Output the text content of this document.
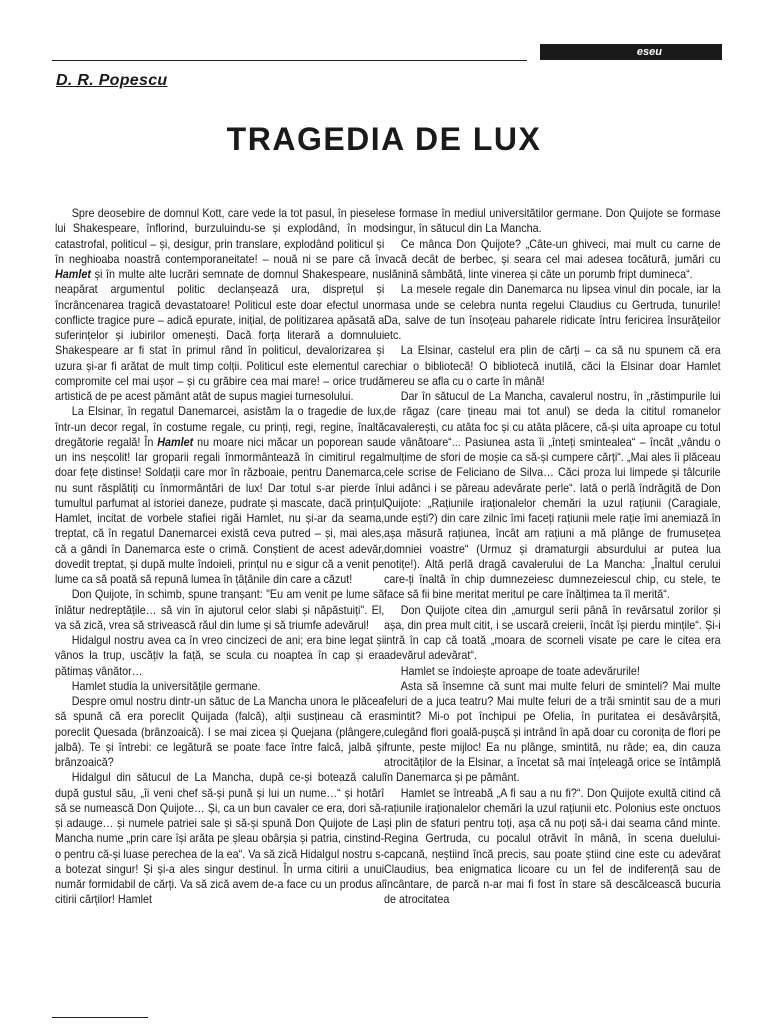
eseu
D. R. Popescu
TRAGEDIA DE LUX

Spre deosebire de domnul Kott, care vede la tot pasul, în piesele lui Shakespeare, înflorind, burzuluindu-se și explodând, în mod catastrofal, politicul – și, desigur, prin translare, explodând politicul și în neghioaba noastră contemporaneitate! – nouă ni se pare că în Hamlet și în multe alte lucrări semnate de domnul Shakespeare, nu neapărat argumentul politic declanșează ura, disprețul și încrâncenarea tragică devastatoare! Politicul este doar efectul unor conflicte tragice pure – adică epurate, inițial, de politizarea apăsată a suferințelor și iubirilor omenești. Dacă forța literară a domnului Shakespeare ar fi stat în primul rând în politicul, devalorizarea și uzura și-ar fi arătat de mult timp colții. Politicul este elementul care compromite cel mai ușor – și cu grăbire cea mai mare! – orice trudă artistică de pe acest pământ atât de supus magiei turnesolului.

La Elsinar, în regatul Danemarcei, asistăm la o tragedie de lux, într-un decor regal, în costume regale, cu prinți, regi, regine, înaltă dregătorie regală! În Hamlet nu moare nici măcar un poporean sau un ins neșcolit! Iar groparii regali înmormântează în cimitirul regal doar fețe distinse! Soldații care mor în războaie, pentru Danemarca, nu sunt răsplătiți cu înmormântări de lux! Dar totul s-ar pierde în tumultul parfumat al istoriei daneze, pudrate și mascate, dacă prințul Hamlet, incitat de vorbele stafiei rigăi Hamlet, nu și-ar da seama, treptat, că în regatul Danemarcei există ceva putred – și, mai ales, că a gândi în Danemarca este o crimă. Conștient de acest adevăr, dovedit treptat, și după multe îndoieli, prințul nu e sigur că a venit pe lume ca să poată să repună lumea în țâțânile din care a căzut!

Don Quijote, în schimb, spune tranșant: "Eu am venit pe lume să înlătur nedreptățile… să vin în ajutorul celor slabi și năpăstuiți". El, va să zică, vrea să strivească răul din lume și să triumfe adevărul!

Hidalgul nostru avea ca în vreo cincizeci de ani; era bine legat și vânos la trup, uscățiv la față, se scula cu noaptea în cap și era pătimaș vânător…

Hamlet studia la universitățile germane.

Despre omul nostru dintr-un sătuc de La Mancha unora le plăcea să spună că era poreclit Quijada (falcă), alții susțineau că era poreclit Quesada (brânzoaică). I se mai zicea și Quejana (plângere, jalbă). Te și întrebi: ce legătură se poate face între falcă, jalbă și brânzoaică?

Hidalgul din sătucul de La Mancha, după ce-și botează calul după gustul său, „îi veni chef să-și pună și lui un nume…“ și hotărî să se numească Don Quijote… Și, ca un bun cavaler ce era, dori să-și adauge… și numele patriei sale și să-și spună Don Quijote de La Mancha nume „prin care își arăta pe șleau obârșia și patria, cinstind-o pentru că-și luase perechea de la ea“. Va să zică Hidalgul nostru s-a botezat singur! Și și-a ales singur destinul. În urma citirii a unui număr formidabil de cărți. Va să zică avem de-a face cu un produs al citirii cărților! Hamlet

se formase în mediul universitătilor germane. Don Quijote se formase singur, în sătucul din La Mancha.

Ce mânca Don Quijote? „Câte-un ghiveci, mai mult cu carne de vacă decât de berbec, și seara cel mai adesea tocătură, jumări cu slănină sâmbătă, linte vinerea și câte un porumb fript dumineca“.

La mesele regale din Danemarca nu lipsea vinul din pocale, iar la masa unde se celebra nunta regelui Claudius cu Gertruda, tunurile! Da, salve de tun însoțeau paharele ridicate întru fericirea însurățeilor etc.

La Elsinar, castelul era plin de cărți – ca să nu spunem că era chiar o bibliotecă! O bibliotecă inutilă, căci la Elsinar doar Hamlet mereu se afla cu o carte în mână!

Dar în sătucul de La Mancha, cavalerul nostru, în „răstimpurile lui de răgaz (care țineau mai tot anul) se deda la cititul romanelor cavalerești, cu atâta foc și cu atâta plăcere, că-și uita aproape cu totul de vânătoare“... Pasiunea asta îi „înteți smintealea“ – încât „vându o mulțime de sfori de moșie ca să-și cumpere cărți“. „Mai ales îi plăceau cele scrise de Feliciano de Silva… Căci proza lui limpede și tâlcurile lui adânci i se păreau adevărate perle“. Iată o perlă îndrăgită de Don Quijote: „Rațiunile iraționalelor chemări la uzul rațiunii (Caragiale, unde ești?) din care zilnic îmi faceți rațiunii mele rație îmi anemiază în așa măsură rațiunea, încât am rațiuni a mă plânge de frumusețea domniei voastre“ (Urmuz și dramaturgii absurdului ar putea lua notițe!). Altă perlă dragă cavalerului de La Mancha: „Înaltul cerului care-ți înaltă în chip dumnezeiesc dumnezeiescul chip, cu stele, te face să fii bine meritat meritul pe care înălțimea ta îl merită“.

Don Quijote citea din „amurgul serii până în revărsatul zorilor și așa, din prea mult citit, i se uscară creierii, încât își pierdu mințile“. Și-i intră în cap că toată „moara de scorneli visate pe care le citea era adevărul adevărat“.

Hamlet se îndoiește aproape de toate adevărurile!

Asta să însemne că sunt mai multe feluri de sminteli? Mai multe feluri de a juca teatru? Mai multe feluri de a trăi smintit sau de a muri smintit? Mi-o pot închipui pe Ofelia, în puritatea ei desăvârșită, culegând flori goală-pușcă și intrând în apă doar cu coronița de flori pe frunte, peste mijloc! Ea nu plânge, smintită, nu râde; ea, din cauza atrocităților de la Elsinar, a încetat să mai înțeleagă orice se întâmplă în Danemarca și pe pământ.

Hamlet se întreabă „A fi sau a nu fi?“. Don Quijote exultă citind că rațiunile iraționalelor chemări la uzul rațiunii etc. Polonius este onctuos și plin de sfaturi pentru toți, așa că nu poți să-i dai seama când minte. Regina Gertruda, cu pocalul otrăvit în mână, în scena duelului-capcană, neștiind încă precis, sau poate știind cine este cu adevărat Claudius, bea enigmatica licoare cu un fel de indiferență sau de încântare, de parcă n-ar mai fi fost în stare să descălcească bucuria de atrocitatea
